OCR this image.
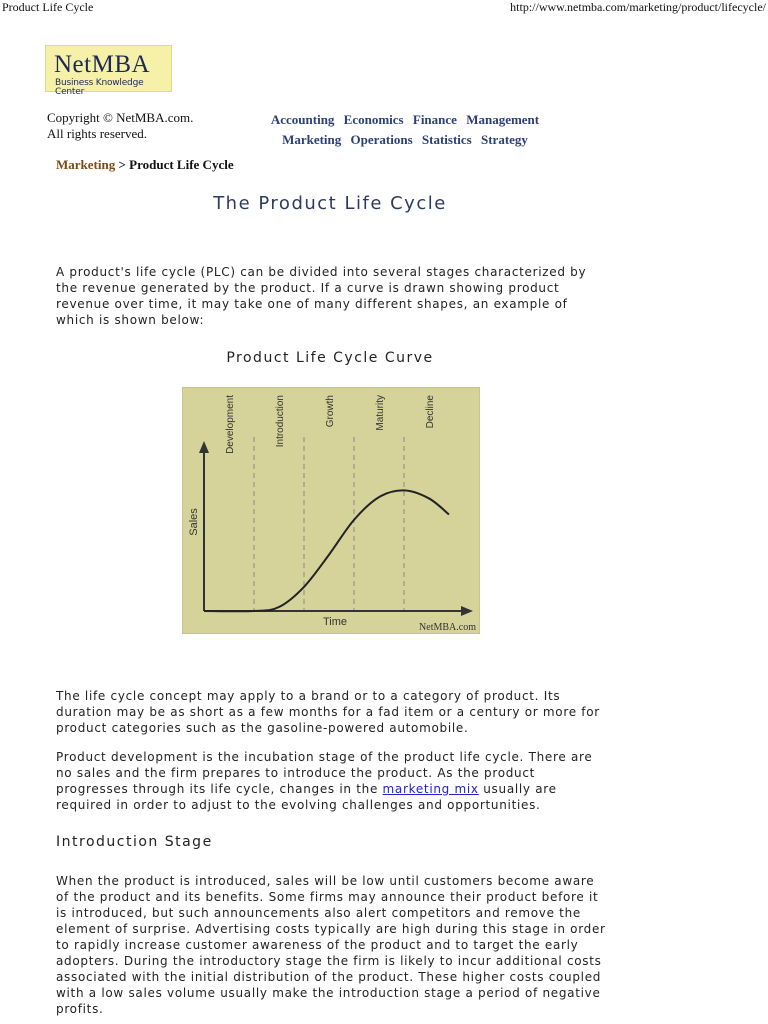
Product Life Cycle	http://www.netmba.com/marketing/product/lifecycle/
NetMBA
Business Knowledge Center
Copyright © NetMBA.com.
All rights reserved.
Accounting Economics Finance Management
Marketing Operations Statistics Strategy
Marketing > Product Life Cycle
The Product Life Cycle

A product's life cycle (PLC) can be divided into several stages characterized by the revenue generated by the product. If a curve is drawn showing product revenue over time, it may take one of many different shapes, an example of which is shown below:

Product Life Cycle Curve
Development	Introduction	Growth	Maturity	Decline
Sales
Time	NetMBA.com

The life cycle concept may apply to a brand or to a category of product. Its duration may be as short as a few months for a fad item or a century or more for product categories such as the gasoline-powered automobile.

Product development is the incubation stage of the product life cycle. There are no sales and the firm prepares to introduce the product. As the product progresses through its life cycle, changes in the marketing mix usually are required in order to adjust to the evolving challenges and opportunities.

Introduction Stage

When the product is introduced, sales will be low until customers become aware of the product and its benefits. Some firms may announce their product before it is introduced, but such announcements also alert competitors and remove the element of surprise. Advertising costs typically are high during this stage in order to rapidly increase customer awareness of the product and to target the early adopters. During the introductory stage the firm is likely to incur additional costs associated with the initial distribution of the product. These higher costs coupled with a low sales volume usually make the introduction stage a period of negative profits.
